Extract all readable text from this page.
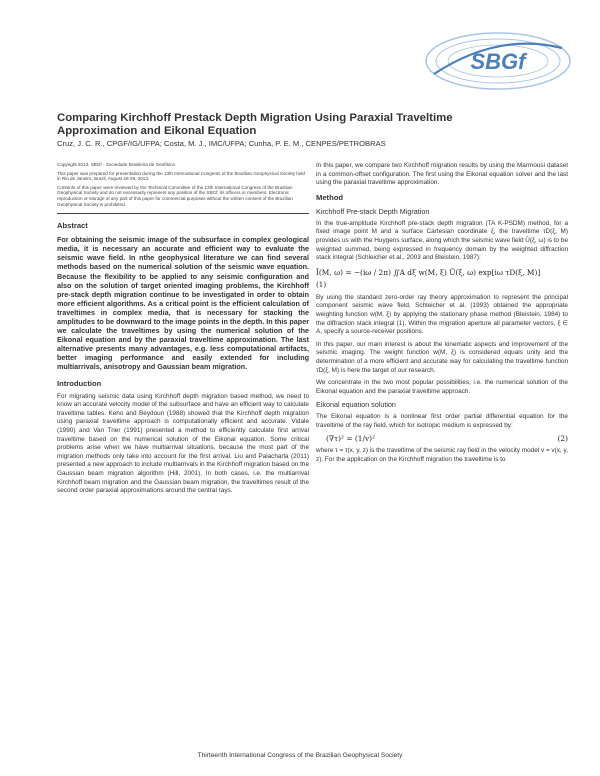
SBGf
Comparing Kirchhoff Prestack Depth Migration Using Paraxial Traveltime Approximation and Eikonal Equation
Cruz, J. C. R., CPGF/IG/UFPA; Costa, M. J., IMC/UFPA; Cunha, P. E. M., CENPES/PETROBRAS
Copyright 2013, SBGf - Sociedade Brasileira de Geofísica
This paper was prepared for presentation during the 13th International Congress of the Brazilian Geophysical Society held in Rio de Janeiro, Brazil, August 26-29, 2013.
Contents of this paper were reviewed by the Technical Committee of the 13th International Congress of the Brazilian Geophysical Society and do not necessarily represent any position of the SBGf, its officers or members. Electronic reproduction or storage of any part of this paper for commercial purposes without the written consent of the Brazilian Geophysical Society is prohibited.
Abstract
For obtaining the seismic image of the subsurface in complex geological media, it is necessary an accurate and efficient way to evaluate the seismic wave field. In nthe geophysical literature we can find several methods based on the numerical solution of the seismic wave equation. Because the flexibility to be applied to any seismic configuration and also on the solution of target oriented imaging problems, the Kirchhoff pre-stack depth migration continue to be investigated in order to obtain more efficient algorithms. As a critical point is the efficient calculation of traveltimes in complex media, that is necessary for stacking the amplitudes to be downward to the image points in the depth. In this paper we calculate the traveltimes by using the numerical solution of the Eikonal equation and by the paraxial traveltime approximation. The last alternative presents many advantages, e.g. less computational artifacts, better imaging performance and easily extended for including multiarrivals, anisotropy and Gaussian beam migration.
Introduction
For migrating seismic data using Kirchhoff depth migration based method, we need to know an accurate velocity model of the subsurface and have an efficient way to calculate traveltime tables. Keho and Beydoun (1988) showed that the Kirchhoff depth migration using paraxial traveltime approach is computationally efficient and accurate. Vidale (1990) and Van Trier (1991) presented a method to efficiently calculate first arrival traveltime based on the numerical solution of the Eikonal equation. Some critical problems arise when we have multiarrival situations, because the most part of the migration methods only take into account for the first arrival. Liu and Palacharla (2011) presented a new approach to include multiarrivals in the Kirchhoff migration based on the Gaussian beam migration algorithm (Hill, 2001). In both cases, i.e. the multiarrival Kirchhoff beam migration and the Gaussian beam migration, the traveltimes result of the second order paraxial approximations around the central rays.
In this paper, we compare two Kirchhoff migration results by using the Marmousi dataset in a common-offset configuration. The first using the Eikonal equation solver and the last using the paraxial traveltime approximation.
Method
Kirchhoff Pre-stack Depth Migration
In the true-amplitude Kirchhoff pre-stack depth migration (TA K-PSDM) method, for a fixed image point M and a surface Cartesian coordinate ξ, the traveltime τD(ξ, M) provides us with the Huygens surface, along which the seismic wave field Û(ξ, ω) is to be weighted summed, being expressed in frequency domain by the weighted diffraction stack integral (Schleicher et al., 2003 and Bleistein, 1987):
Î(M, ω) = −(iω / 2π) ∬A dξ w(M, ξ) Û(ξ, ω) exp[iω τD(ξ, M)]
(1)
By using the standard zero-order ray theory approximation to represent the principal component seismic wave field, Schleicher et al. (1993) obtained the appropriate weighting function w(M, ξ) by applying the stationary phase method (Bleistein, 1984) to the diffraction stack integral (1). Within the migration aperture all parameter vectors, ξ ∈ A, specify a source-receiver positions.
In this paper, our main interest is about the kinematic aspects and improvement of the seismic imaging. The weight function w(M, ξ) is considered equals unity and the determination of a more efficient and accurate way for calculating the traveltime function τD(ξ, M) is here the target of our research.
We concentrate in the two most popular possibilities, i.e. the numerical solution of the Eikonal equation and the paraxial traveltime approach.
Eikonal equation solution
The Eikonal equation is a nonlinear first order partial differential equation for the traveltime of the ray field, which for isotropic medium is expressed by:
(∇τ)² = (1/v)²	(2)
where τ = τ(x, y, z) is the traveltime of the seismic ray field in the velocity model v = v(x, y, z). For the application on the Kirchhoff migration the traveltime is to
Thirteenth International Congress of the Brazilian Geophysical Society
